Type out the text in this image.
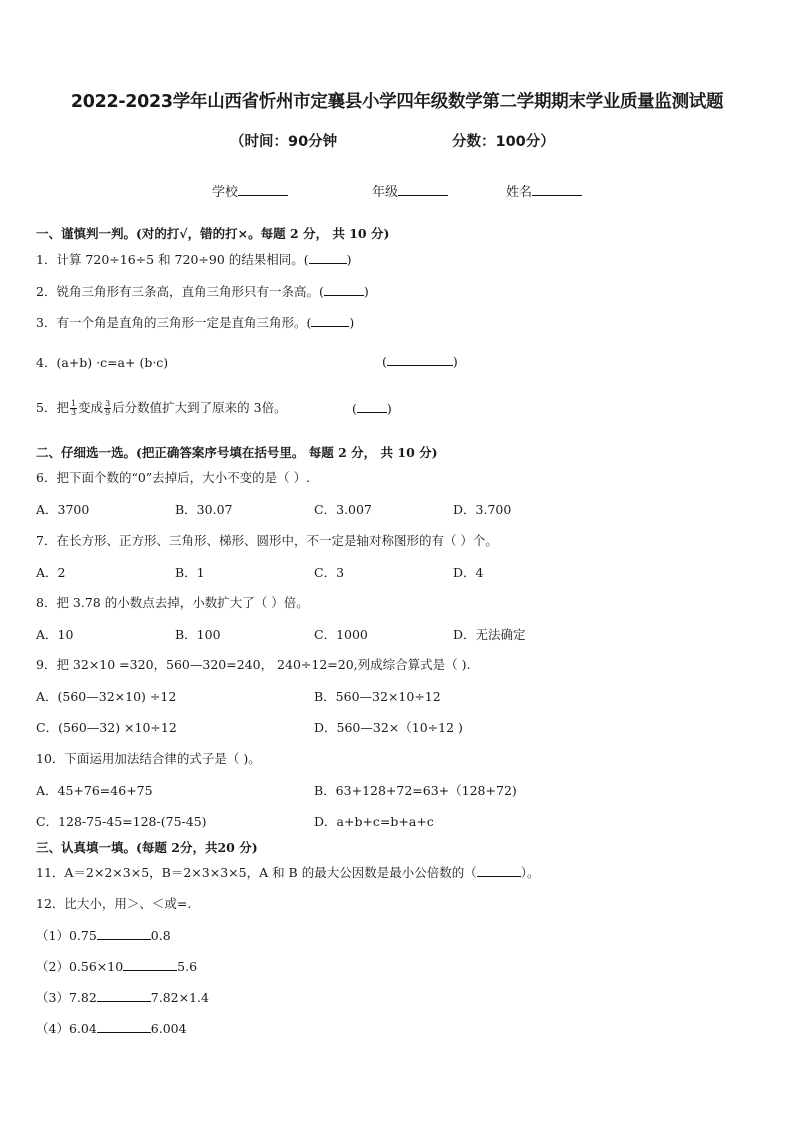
2022-2023学年山西省忻州市定襄县小学四年级数学第二学期期末学业质量监测试题
（时间：90分钟	分数：100分）
学校	年级	姓名
一、谨慎判一判。(对的打√，错的打×。每题 2 分， 共 10 分)
1．计算 720÷16÷5 和 720÷90 的结果相同。(	)
2．锐角三角形有三条高，直角三角形只有一条高。(	)
3．有一个角是直角的三角形一定是直角三角形。(	)
4．(a+b) ·c=a+ (b·c)	(	)
5．把 $\frac{1}{3}$ 变成 $\frac{3}{9}$ 后分数值扩大到了原来的 3倍。	( )
二、仔细选一选。(把正确答案序号填在括号里。 每题 2 分， 共 10 分)
6．把下面个数的“0”去掉后，大小不变的是（ ）.
A．3700	B．30.07	C．3.007	D．3.700
7．在长方形、正方形、三角形、梯形、圆形中，不一定是轴对称图形的有（ ）个。
A．2	B．1	C．3	D．4
8．把 3.78 的小数点去掉，小数扩大了（ ）倍。
A．10	B．100	C．1000	D．无法确定
9．把 32×10 =320，560—320=240， 240÷12=20,列成综合算式是（ ).
A．(560—32×10) ÷12	B．560—32×10÷12
C．(560—32) ×10÷12	D．560—32×（10÷12 )
10．下面运用加法结合律的式子是（ )。
A．45+76=46+75	B．63+128+72=63+（128+72)
C．128-75-45=128-(75-45)	D．a+b+c=b+a+c
三、认真填一填。(每题 2分，共20 分)
11．A＝2×2×3×5，B＝2×3×3×5，A 和 B 的最大公因数是最小公倍数的（	）。
12．比大小，用＞、＜或=.
（1）0.75	0.8
（2）0.56×10	5.6
（3）7.82	7.82×1.4
（4）6.04	6.004
